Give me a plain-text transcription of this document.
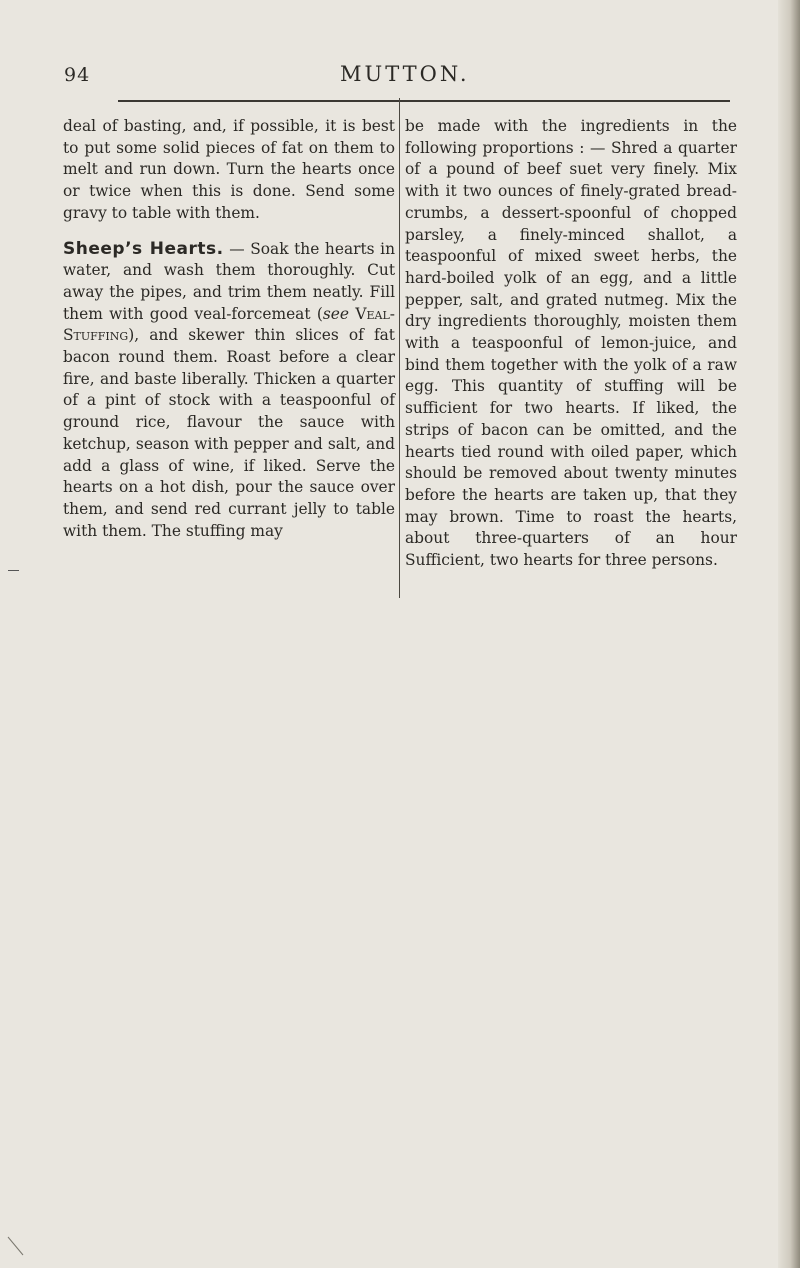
94	MUTTON.

deal of basting, and, if possible, it is best to put some solid pieces of fat on them to melt and run down. Turn the hearts once or twice when this is done. Send some gravy to table with them.

Sheep’s Hearts. — Soak the hearts in water, and wash them thoroughly. Cut away the pipes, and trim them neatly. Fill them with good veal-forcemeat (see Veal-Stuffing), and skewer thin slices of fat bacon round them. Roast before a clear fire, and baste liberally. Thicken a quarter of a pint of stock with a teaspoonful of ground rice, flavour the sauce with ketchup, season with pepper and salt, and add a glass of wine, if liked. Serve the hearts on a hot dish, pour the sauce over them, and send red currant jelly to table with them. The stuffing may

be made with the ingredients in the following proportions : — Shred a quarter of a pound of beef suet very finely. Mix with it two ounces of finely-grated bread-crumbs, a dessert-spoonful of chopped parsley, a finely-minced shallot, a teaspoonful of mixed sweet herbs, the hard-boiled yolk of an egg, and a little pepper, salt, and grated nutmeg. Mix the dry ingredients thoroughly, moisten them with a teaspoonful of lemon-juice, and bind them together with the yolk of a raw egg. This quantity of stuffing will be sufficient for two hearts. If liked, the strips of bacon can be omitted, and the hearts tied round with oiled paper, which should be removed about twenty minutes before the hearts are taken up, that they may brown. Time to roast the hearts, about three-quarters of an hour Sufficient, two hearts for three persons.
